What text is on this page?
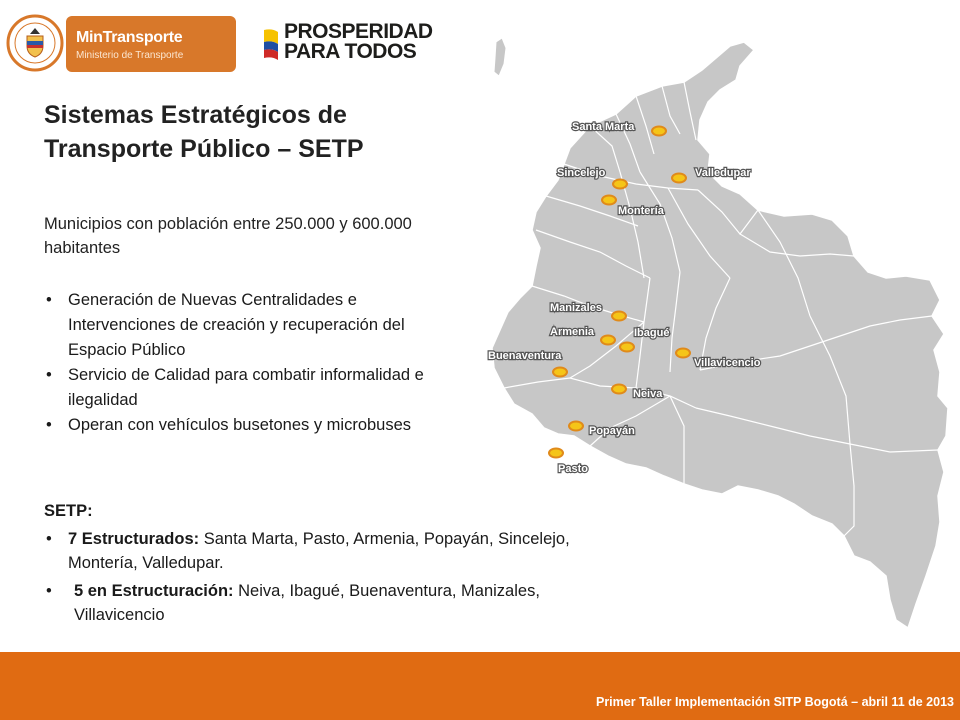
MinTransporte
Ministerio de Transporte
PROSPERIDAD
PARA TODOS
Sistemas Estratégicos de
Transporte Público – SETP
Municipios con población entre 250.000 y 600.000 habitantes
• Generación de Nuevas Centralidades e Intervenciones de creación y recuperación del Espacio Público
• Servicio de Calidad para combatir informalidad e ilegalidad
• Operan con vehículos busetones y microbuses
SETP:
• 7 Estructurados: Santa Marta, Pasto, Armenia, Popayán, Sincelejo, Montería, Valledupar.
• 5 en Estructuración: Neiva, Ibagué, Buenaventura, Manizales, Villavicencio
Santa Marta
Sincelejo	Valledupar
Montería
Manizales
Armenia	Ibagué
Buenaventura
Villavicencio
Neiva
Popayán
Pasto
Primer Taller Implementación SITP Bogotá – abril 11 de 2013
